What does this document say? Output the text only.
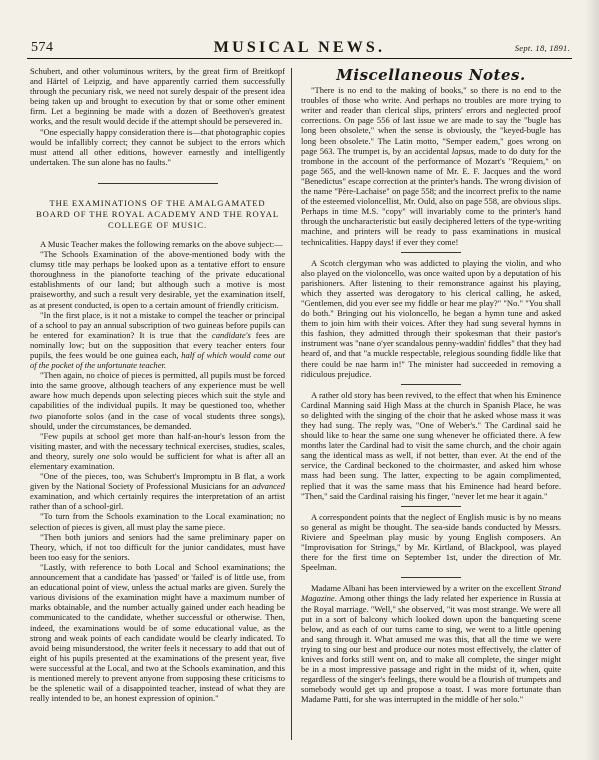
574	MUSICAL NEWS.	Sept. 18, 1891.

Schubert, and other voluminous writers, by the great firm of Breitkopf and Härtel of Leipzig, and have apparently carried them successfully through the pecuniary risk, we need not surely despair of the present idea being taken up and brought to execution by that or some other eminent firm. Let a beginning be made with a dozen of Beethoven's greatest works, and the result would decide if the attempt should be persevered in.

"One especially happy consideration there is—that photographic copies would be infallibly correct; they cannot be subject to the errors which must attend all other editions, however earnestly and intelligently undertaken. The sun alone has no faults."

THE EXAMINATIONS OF THE AMALGAMATED BOARD OF THE ROYAL ACADEMY AND THE ROYAL COLLEGE OF MUSIC.

A Music Teacher makes the following remarks on the above subject:—

"The Schools Examination of the above-mentioned body with the clumsy title may perhaps be looked upon as a tentative effort to ensure thoroughness in the pianoforte teaching of the private educational establishments of our land; but although such a motive is most praiseworthy, and such a result very desirable, yet the examination itself, as at present conducted, is open to a certain amount of friendly criticism.

"In the first place, is it not a mistake to compel the teacher or principal of a school to pay an annual subscription of two guineas before pupils can be entered for examination? It is true that the candidate's fees are nominally low; but on the supposition that every teacher enters four pupils, the fees would be one guinea each, half of which would come out of the pocket of the unfortunate teacher.

"Then again, no choice of pieces is permitted, all pupils must be forced into the same groove, although teachers of any experience must be well aware how much depends upon selecting pieces which suit the style and capabilities of the individual pupils. It may be questioned too, whether two pianoforte solos (and in the case of vocal students three songs), should, under the circumstances, be demanded.

"Few pupils at school get more than half-an-hour's lesson from the visiting master, and with the necessary technical exercises, studies, scales, and theory, surely one solo would be sufficient for what is after all an elementary examination.

"One of the pieces, too, was Schubert's Impromptu in B flat, a work given by the National Society of Professional Musicians for an advanced examination, and which certainly requires the interpretation of an artist rather than of a school-girl.

"To turn from the Schools examination to the Local examination; no selection of pieces is given, all must play the same piece.

"Then both juniors and seniors had the same preliminary paper on Theory, which, if not too difficult for the junior candidates, must have been too easy for the seniors.

"Lastly, with reference to both Local and School examinations; the announcement that a candidate has 'passed' or 'failed' is of little use, from an educational point of view, unless the actual marks are given. Surely the various divisions of the examination might have a maximum number of marks obtainable, and the number actually gained under each heading be communicated to the candidate, whether successful or otherwise. Then, indeed, the examinations would be of some educational value, as the strong and weak points of each candidate would be clearly indicated. To avoid being misunderstood, the writer feels it necessary to add that out of eight of his pupils presented at the examinations of the present year, five were successful at the Local, and two at the Schools examination, and this is mentioned merely to prevent anyone from supposing these criticisms to be the splenetic wail of a disappointed teacher, instead of what they are really intended to be, an honest expression of opinion."

Miscellaneous Notes.

"There is no end to the making of books," so there is no end to the troubles of those who write. And perhaps no troubles are more trying to writer and reader than clerical slips, printers' errors and neglected proof corrections. On page 556 of last issue we are made to say the "bugle has long been obsolete," when the sense is obviously, the "keyed-bugle has long been obsolete." The Latin motto, "Semper eadem," goes wrong on page 563. The trumpet is, by an accidental lapsus, made to do duty for the trombone in the account of the performance of Mozart's "Requiem," on page 565, and the well-known name of Mr. E. F. Jacques and the word "Benedictus" escape correction at the printer's hands. The wrong division of the name "Père-Lachaise" on page 558; and the incorrect prefix to the name of the esteemed violoncellist, Mr. Ould, also on page 558, are obvious slips. Perhaps in time M.S. "copy" will invariably come to the printer's hand through the uncharacteristic but easily deciphered letters of the type-writing machine, and printers will be ready to pass examinations in musical technicalities. Happy days! if ever they come!

A Scotch clergyman who was addicted to playing the violin, and who also played on the violoncello, was once waited upon by a deputation of his parishioners. After listening to their remonstrance against his playing, which they asserted was derogatory to his clerical calling, he asked, "Gentlemen, did you ever see my fiddle or hear me play?" "No." "You shall do both." Bringing out his violoncello, he began a hymn tune and asked them to join him with their voices. After they had sung several hymns in this fashion, they admitted through their spokesman that their pastor's instrument was "nane o'yer scandalous penny-waddin' fiddles" that they had heard of, and that "a muckle respectable, relegious sounding fiddle like that there could be nae harm in!" The minister had succeeded in removing a ridiculous prejudice.

A rather old story has been revived, to the effect that when his Eminence Cardinal Manning said High Mass at the church in Spanish Place, he was so delighted with the singing of the choir that he asked whose mass it was they had sung. The reply was, "One of Weber's." The Cardinal said he should like to hear the same one sung whenever he officiated there. A few months later the Cardinal had to visit the same church, and the choir again sang the identical mass as well, if not better, than ever. At the end of the service, the Cardinal beckoned to the choirmaster, and asked him whose mass had been sung. The latter, expecting to be again complimented, replied that it was the same mass that his Eminence had heard before. "Then," said the Cardinal raising his finger, "never let me hear it again."

A correspondent points that the neglect of English music is by no means so general as might be thought. The sea-side bands conducted by Messrs. Riviere and Speelman play music by young English composers. An "Improvisation for Strings," by Mr. Kirtland, of Blackpool, was played there for the first time on September 1st, under the direction of Mr. Speelman.

Madame Albani has been interviewed by a writer on the excellent Strand Magazine. Among other things the lady related her experience in Russia at the Royal marriage. "Well," she observed, "it was most strange. We were all put in a sort of balcony which looked down upon the banqueting scene below, and as each of our turns came to sing, we went to a little opening and sang through it. What amused me was this, that all the time we were trying to sing our best and produce our notes most effectively, the clatter of knives and forks still went on, and to make all complete, the singer might be in a most impressive passage and right in the midst of it, when, quite regardless of the singer's feelings, there would be a flourish of trumpets and somebody would get up and propose a toast. I was more fortunate than Madame Patti, for she was interrupted in the middle of her solo."
